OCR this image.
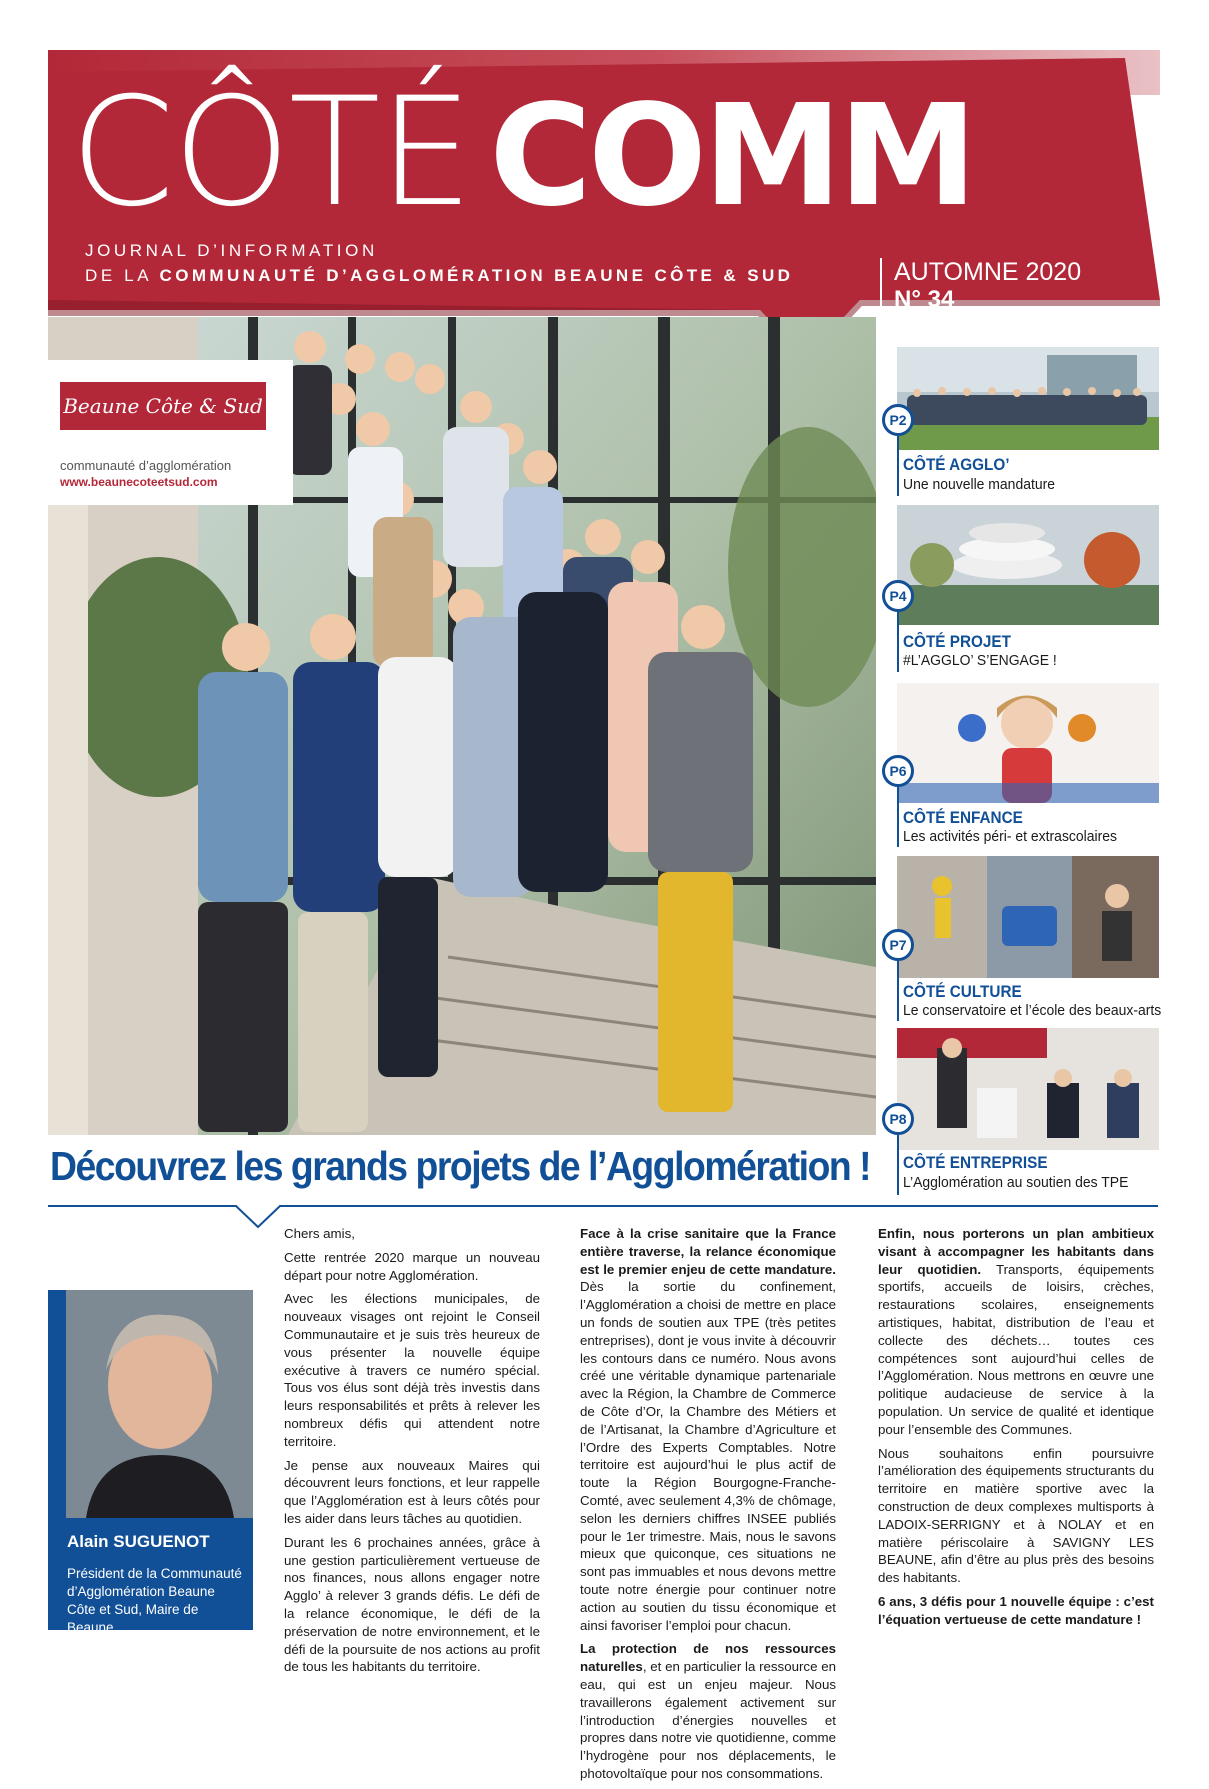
CÔTÉ COMM
JOURNAL D’INFORMATION
DE LA COMMUNAUTÉ D’AGGLOMÉRATION BEAUNE CÔTE & SUD	AUTOMNE 2020
N° 34
Beaune Côte & Sud
communauté d’agglomération
www.beaunecoteetsud.com
P2
CÔTÉ AGGLO’
Une nouvelle mandature
P4
CÔTÉ PROJET
#L’AGGLO’ S’ENGAGE !
P6
CÔTÉ ENFANCE
Les activités péri- et extrascolaires
P7
CÔTÉ CULTURE
Le conservatoire et l’école des beaux-arts
P8
CÔTÉ ENTREPRISE
L’Agglomération au soutien des TPE
Découvrez les grands projets de l’Agglomération !
Alain SUGUENOT
Président de la Communauté d’Agglomération Beaune Côte et Sud, Maire de Beaune.

Chers amis,

Cette rentrée 2020 marque un nouveau départ pour notre Agglomération.

Avec les élections municipales, de nouveaux visages ont rejoint le Conseil Communautaire et je suis très heureux de vous présenter la nouvelle équipe exécutive à travers ce numéro spécial. Tous vos élus sont déjà très investis dans leurs responsabilités et prêts à relever les nombreux défis qui attendent notre territoire.

Je pense aux nouveaux Maires qui découvrent leurs fonctions, et leur rappelle que l’Agglomération est à leurs côtés pour les aider dans leurs tâches au quotidien.

Durant les 6 prochaines années, grâce à une gestion particulièrement vertueuse de nos finances, nous allons engager notre Agglo’ à relever 3 grands défis. Le défi de la relance économique, le défi de la préservation de notre environnement, et le défi de la poursuite de nos actions au profit de tous les habitants du territoire.

Face à la crise sanitaire que la France entière traverse, la relance économique est le premier enjeu de cette mandature. Dès la sortie du confinement, l’Agglomération a choisi de mettre en place un fonds de soutien aux TPE (très petites entreprises), dont je vous invite à découvrir les contours dans ce numéro. Nous avons créé une véritable dynamique partenariale avec la Région, la Chambre de Commerce de Côte d’Or, la Chambre des Métiers et de l’Artisanat, la Chambre d’Agriculture et l’Ordre des Experts Comptables. Notre territoire est aujourd’hui le plus actif de toute la Région Bourgogne-Franche-Comté, avec seulement 4,3% de chômage, selon les derniers chiffres INSEE publiés pour le 1er trimestre. Mais, nous le savons mieux que quiconque, ces situations ne sont pas immuables et nous devons mettre toute notre énergie pour continuer notre action au soutien du tissu économique et ainsi favoriser l’emploi pour chacun.

La protection de nos ressources naturelles, et en particulier la ressource en eau, qui est un enjeu majeur. Nous travaillerons également activement sur l’introduction d’énergies nouvelles et propres dans notre vie quotidienne, comme l’hydrogène pour nos déplacements, le photovoltaïque pour nos consommations.

Enfin, nous porterons un plan ambitieux visant à accompagner les habitants dans leur quotidien. Transports, équipements sportifs, accueils de loisirs, crèches, restaurations scolaires, enseignements artistiques, habitat, distribution de l’eau et collecte des déchets… toutes ces compétences sont aujourd’hui celles de l’Agglomération. Nous mettrons en œuvre une politique audacieuse de service à la population. Un service de qualité et identique pour l’ensemble des Communes.

Nous souhaitons enfin poursuivre l’amélioration des équipements structurants du territoire en matière sportive avec la construction de deux complexes multisports à LADOIX-SERRIGNY et à NOLAY et en matière périscolaire à SAVIGNY LES BEAUNE, afin d’être au plus près des besoins des habitants.

6 ans, 3 défis pour 1 nouvelle équipe : c’est l’équation vertueuse de cette mandature !
